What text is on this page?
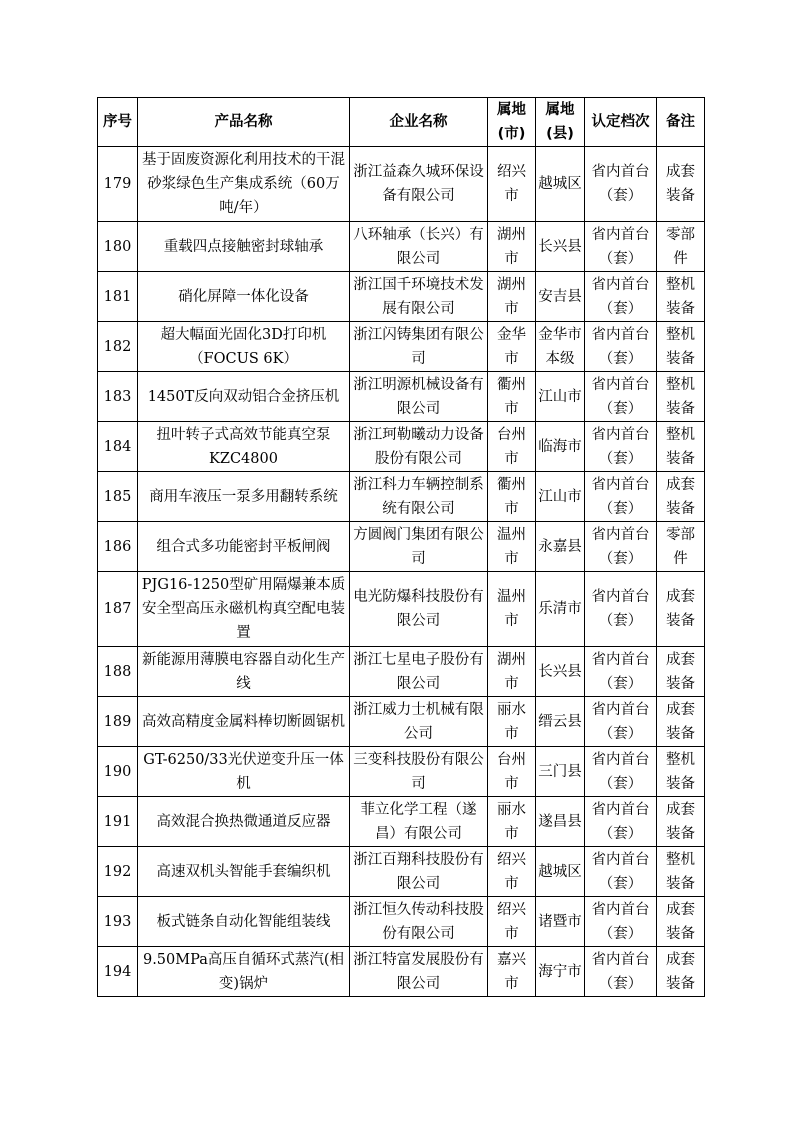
序号	产品名称	企业名称	属地(市)	属地(县)	认定档次	备注
179	基于固废资源化利用技术的干混砂浆绿色生产集成系统（60万吨/年）	浙江益森久城环保设备有限公司	绍兴市	越城区	省内首台（套）	成套装备
180	重载四点接触密封球轴承	八环轴承（长兴）有限公司	湖州市	长兴县	省内首台（套）	零部件
181	硝化屏障一体化设备	浙江国千环境技术发展有限公司	湖州市	安吉县	省内首台（套）	整机装备
182	超大幅面光固化3D打印机（FOCUS 6K）	浙江闪铸集团有限公司	金华市	金华市本级	省内首台（套）	整机装备
183	1450T反向双动铝合金挤压机	浙江明源机械设备有限公司	衢州市	江山市	省内首台（套）	整机装备
184	扭叶转子式高效节能真空泵KZC4800	浙江珂勒曦动力设备股份有限公司	台州市	临海市	省内首台（套）	整机装备
185	商用车液压一泵多用翻转系统	浙江科力车辆控制系统有限公司	衢州市	江山市	省内首台（套）	成套装备
186	组合式多功能密封平板闸阀	方圆阀门集团有限公司	温州市	永嘉县	省内首台（套）	零部件
187	PJG16-1250型矿用隔爆兼本质安全型高压永磁机构真空配电装置	电光防爆科技股份有限公司	温州市	乐清市	省内首台（套）	成套装备
188	新能源用薄膜电容器自动化生产线	浙江七星电子股份有限公司	湖州市	长兴县	省内首台（套）	成套装备
189	高效高精度金属料棒切断圆锯机	浙江威力士机械有限公司	丽水市	缙云县	省内首台（套）	成套装备
190	GT-6250/33光伏逆变升压一体机	三变科技股份有限公司	台州市	三门县	省内首台（套）	整机装备
191	高效混合换热微通道反应器	菲立化学工程（遂昌）有限公司	丽水市	遂昌县	省内首台（套）	成套装备
192	高速双机头智能手套编织机	浙江百翔科技股份有限公司	绍兴市	越城区	省内首台（套）	整机装备
193	板式链条自动化智能组装线	浙江恒久传动科技股份有限公司	绍兴市	诸暨市	省内首台（套）	成套装备
194	9.50MPa高压自循环式蒸汽(相变)锅炉	浙江特富发展股份有限公司	嘉兴市	海宁市	省内首台（套）	成套装备
